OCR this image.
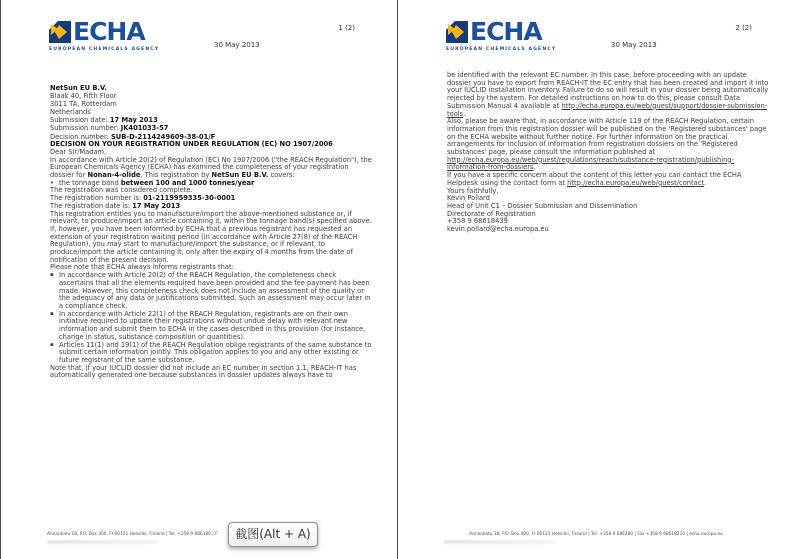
ECHA
EUROPEAN CHEMICALS AGENCY
30 May 2013
1 (2)
NetSun EU B.V.
Blaak 40, Fifth Floor
3011 TA, Rotterdam
Netherlands
Submission date: 17 May 2013
Submission number: JK401033-57
Decision number: SUB-D-2114249609-38-01/F

DECISION ON YOUR REGISTRATION UNDER REGULATION (EC) NO 1907/2006

Dear Sir/Madam,

In accordance with Article 20(2) of Regulation (EC) No 1907/2006 ("the REACH Regulation"), the European Chemicals Agency (ECHA) has examined the completeness of your registration dossier for Nonan-4-olide. This registration by NetSun EU B.V. covers:

• the tonnage band between 100 and 1000 tonnes/year

The registration was considered complete.

The registration number is: 01-2119959335-30-0001

The registration date is: 17 May 2013

This registration entitles you to manufacture/import the above-mentioned substance or, if relevant, to produce/import an article containing it, within the tonnage band(s) specified above.

If, however, you have been informed by ECHA that a previous registrant has requested an extension of your registration waiting period (in accordance with Article 27(8) of the REACH Regulation), you may start to manufacture/import the substance, or if relevant, to produce/import the article containing it, only after the expiry of 4 months from the date of notification of the present decision.

Please note that ECHA always informs registrants that:

▪ In accordance with Article 20(2) of the REACH Regulation, the completeness check ascertains that all the elements required have been provided and the fee payment has been made. However, this completeness check does not include an assessment of the quality or the adequacy of any data or justifications submitted. Such an assessment may occur later in a compliance check.
▪ In accordance with Article 22(1) of the REACH Regulation, registrants are on their own initiative required to update their registrations without undue delay with relevant new information and submit them to ECHA in the cases described in this provision (for instance, change in status, substance composition or quantities).
▪ Articles 11(1) and 19(1) of the REACH Regulation oblige registrants of the same substance to submit certain information jointly. This obligation applies to you and any other existing or future registrant of the same substance.

Note that, if your IUCLID dossier did not include an EC number in section 1.1, REACH-IT has automatically generated one because substances in dossier updates always have to

Annankatu 18, P.O. Box 400, FI-00121 Helsinki, Finland | Tel. +358 9 686180 | F
ECHA
EUROPEAN CHEMICALS AGENCY
30 May 2013
2 (2)

be identified with the relevant EC number. In this case, before proceeding with an update dossier you have to export from REACH-IT the EC entry that has been created and import it into your IUCLID installation inventory. Failure to do so will result in your dossier being automatically rejected by the system. For detailed instructions on how to do this, please consult Data Submission Manual 4 available at http://echa.europa.eu/web/guest/support/dossier-submission-tools.

Also, please be aware that, in accordance with Article 119 of the REACH Regulation, certain information from this registration dossier will be published on the 'Registered substances' page on the ECHA website without further notice. For further information on the practical arrangements for inclusion of information from registration dossiers on the 'Registered substances' page, please consult the information published at http://echa.europa.eu/web/guest/regulations/reach/substance-registration/publishing-information-from-dossiers.

If you have a specific concern about the content of this letter you can contact the ECHA Helpdesk using the contact form at http://echa.europa.eu/web/guest/contact.

Yours faithfully,

Kevin Pollard
Head of Unit C1 – Dossier Submission and Dissemination
Directorate of Registration
+358 9 68618439
kevin.pollard@echa.europa.eu
Annankatu 18, P.O. Box 400, FI-00121 Helsinki, Finland | Tel. +358 9 686180 | Fax +358 9 68618210 | echa.europa.eu
截图(Alt + A)
